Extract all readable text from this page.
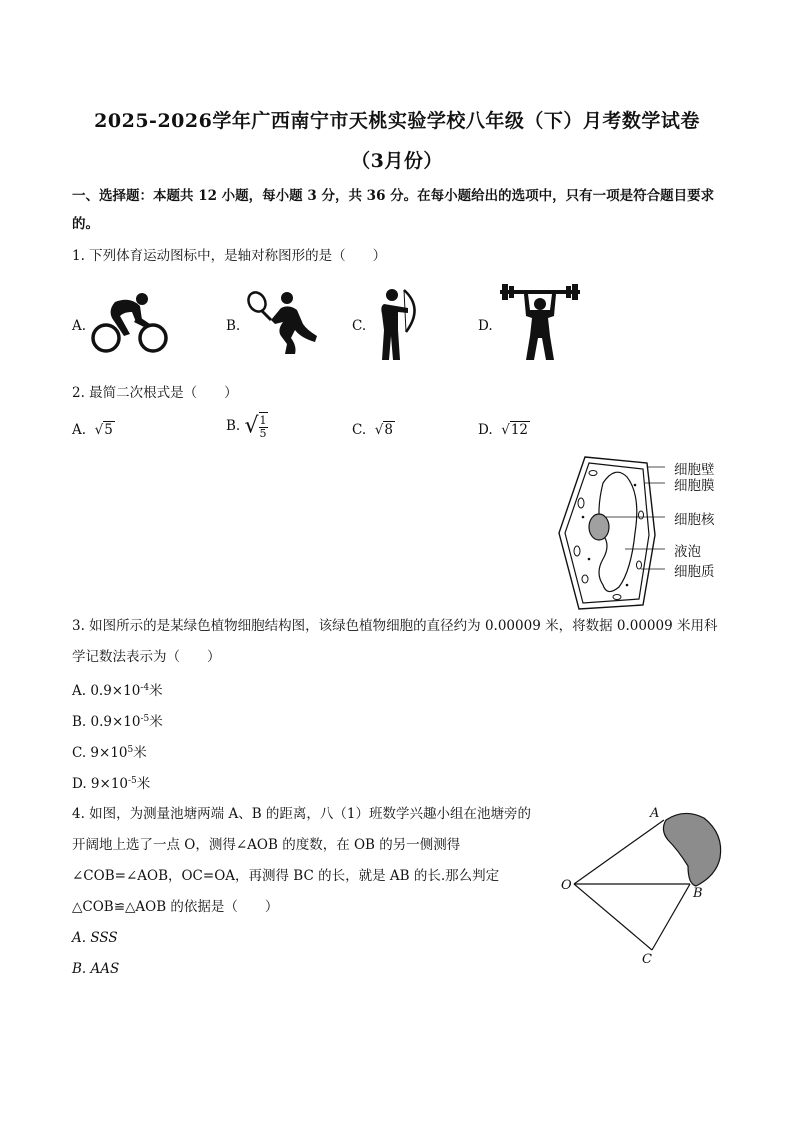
2025-2026学年广西南宁市天桃实验学校八年级（下）月考数学试卷
（3月份）
一、选择题：本题共 12 小题，每小题 3 分，共 36 分。在每小题给出的选项中，只有一项是符合题目要求
的。
1. 下列体育运动图标中，是轴对称图形的是（　　）
A.	B.	C.	D.
2. 最简二次根式是（　　）
A.  √5	B. √ $\frac{1}{5}$	C.  √8	D.  √12
细胞壁
细胞膜
细胞核
液泡
细胞质
3. 如图所示的是某绿色植物细胞结构图，该绿色植物细胞的直径约为 0.00009 米，将数据 0.00009 米用科
学记数法表示为（　　）
A. $0.9\times 10^{-4}$米
B. $0.9\times 10^{-5}$米
C. $9\times 10^5$米
D. $9\times 10^{-5}$米
4. 如图，为测量池塘两端 A、B 的距离，八（1）班数学兴趣小组在池塘旁的
开阔地上选了一点 O，测得∠AOB 的度数，在 OB 的另一侧测得
∠COB=∠AOB，OC=OA，再测得 BC 的长，就是 AB 的长.那么判定
△COB≌△AOB 的依据是（　　）
A. SSS
B. AAS
A
O
B
C
